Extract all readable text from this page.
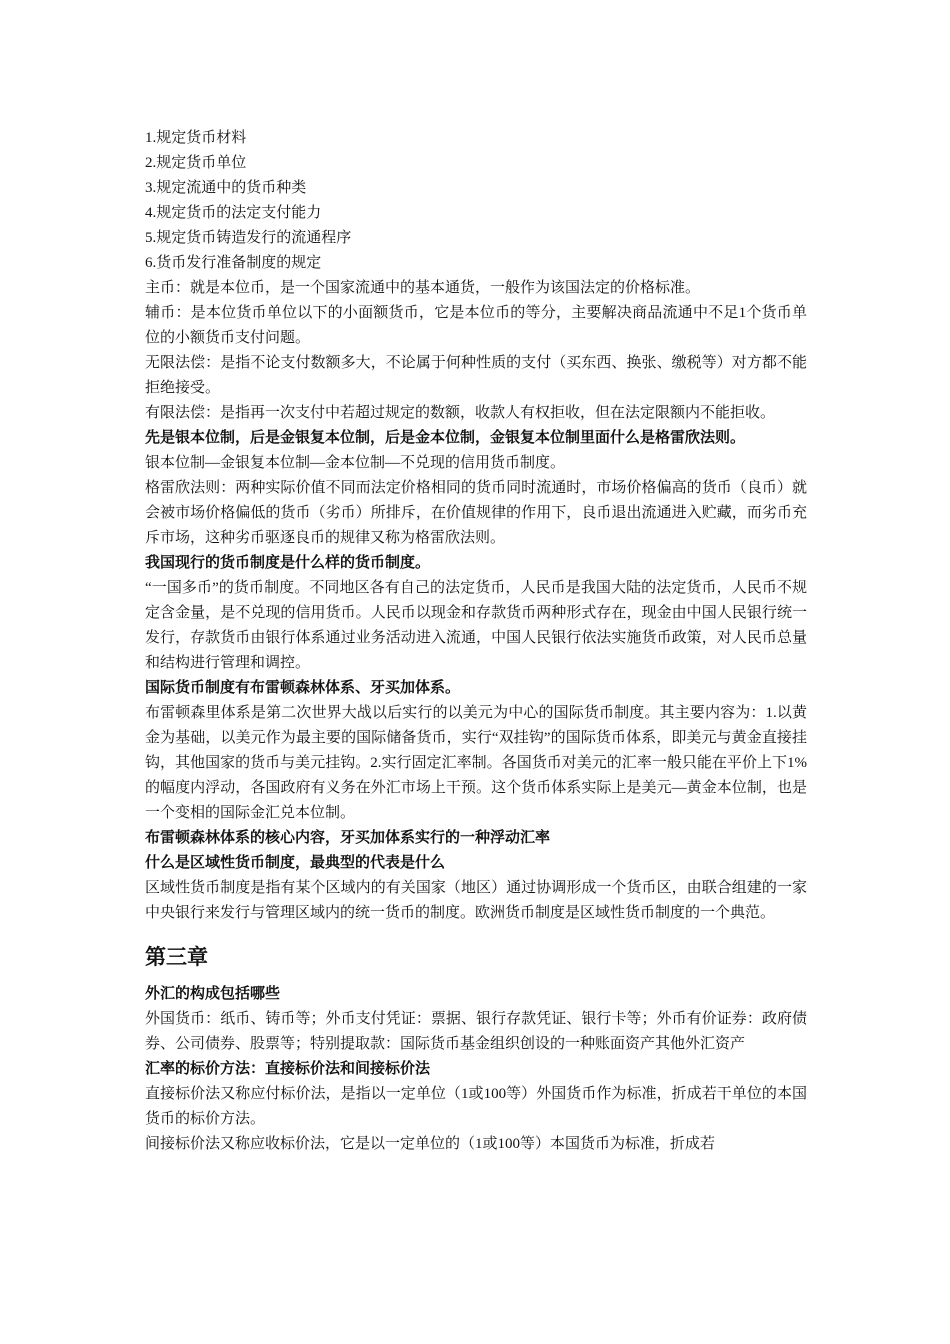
1.规定货币材料
2.规定货币单位
3.规定流通中的货币种类
4.规定货币的法定支付能力
5.规定货币铸造发行的流通程序
6.货币发行准备制度的规定

主币：就是本位币，是一个国家流通中的基本通货，一般作为该国法定的价格标准。

辅币：是本位货币单位以下的小面额货币，它是本位币的等分，主要解决商品流通中不足1个货币单位的小额货币支付问题。

无限法偿：是指不论支付数额多大，不论属于何种性质的支付（买东西、换张、缴税等）对方都不能拒绝接受。

有限法偿：是指再一次支付中若超过规定的数额，收款人有权拒收，但在法定限额内不能拒收。

先是银本位制，后是金银复本位制，后是金本位制，金银复本位制里面什么是格雷欣法则。

银本位制—金银复本位制—金本位制—不兑现的信用货币制度。

格雷欣法则：两种实际价值不同而法定价格相同的货币同时流通时，市场价格偏高的货币（良币）就会被市场价格偏低的货币（劣币）所排斥，在价值规律的作用下，良币退出流通进入贮藏，而劣币充斥市场，这种劣币驱逐良币的规律又称为格雷欣法则。

我国现行的货币制度是什么样的货币制度。

“一国多币”的货币制度。不同地区各有自己的法定货币，人民币是我国大陆的法定货币，人民币不规定含金量，是不兑现的信用货币。人民币以现金和存款货币两种形式存在，现金由中国人民银行统一发行，存款货币由银行体系通过业务活动进入流通，中国人民银行依法实施货币政策，对人民币总量和结构进行管理和调控。

国际货币制度有布雷顿森林体系、牙买加体系。

布雷顿森里体系是第二次世界大战以后实行的以美元为中心的国际货币制度。其主要内容为：1.以黄金为基础，以美元作为最主要的国际储备货币，实行“双挂钩”的国际货币体系，即美元与黄金直接挂钩，其他国家的货币与美元挂钩。2.实行固定汇率制。各国货币对美元的汇率一般只能在平价上下1%的幅度内浮动，各国政府有义务在外汇市场上干预。这个货币体系实际上是美元—黄金本位制，也是一个变相的国际金汇兑本位制。

布雷顿森林体系的核心内容，牙买加体系实行的一种浮动汇率

什么是区域性货币制度，最典型的代表是什么

区域性货币制度是指有某个区域内的有关国家（地区）通过协调形成一个货币区，由联合组建的一家中央银行来发行与管理区域内的统一货币的制度。欧洲货币制度是区域性货币制度的一个典范。

第三章

外汇的构成包括哪些

外国货币：纸币、铸币等；外币支付凭证：票据、银行存款凭证、银行卡等；外币有价证券：政府债券、公司债券、股票等；特别提取款：国际货币基金组织创设的一种账面资产其他外汇资产

汇率的标价方法：直接标价法和间接标价法

直接标价法又称应付标价法，是指以一定单位（1或100等）外国货币作为标准，折成若干单位的本国货币的标价方法。

间接标价法又称应收标价法，它是以一定单位的（1或100等）本国货币为标准，折成若
